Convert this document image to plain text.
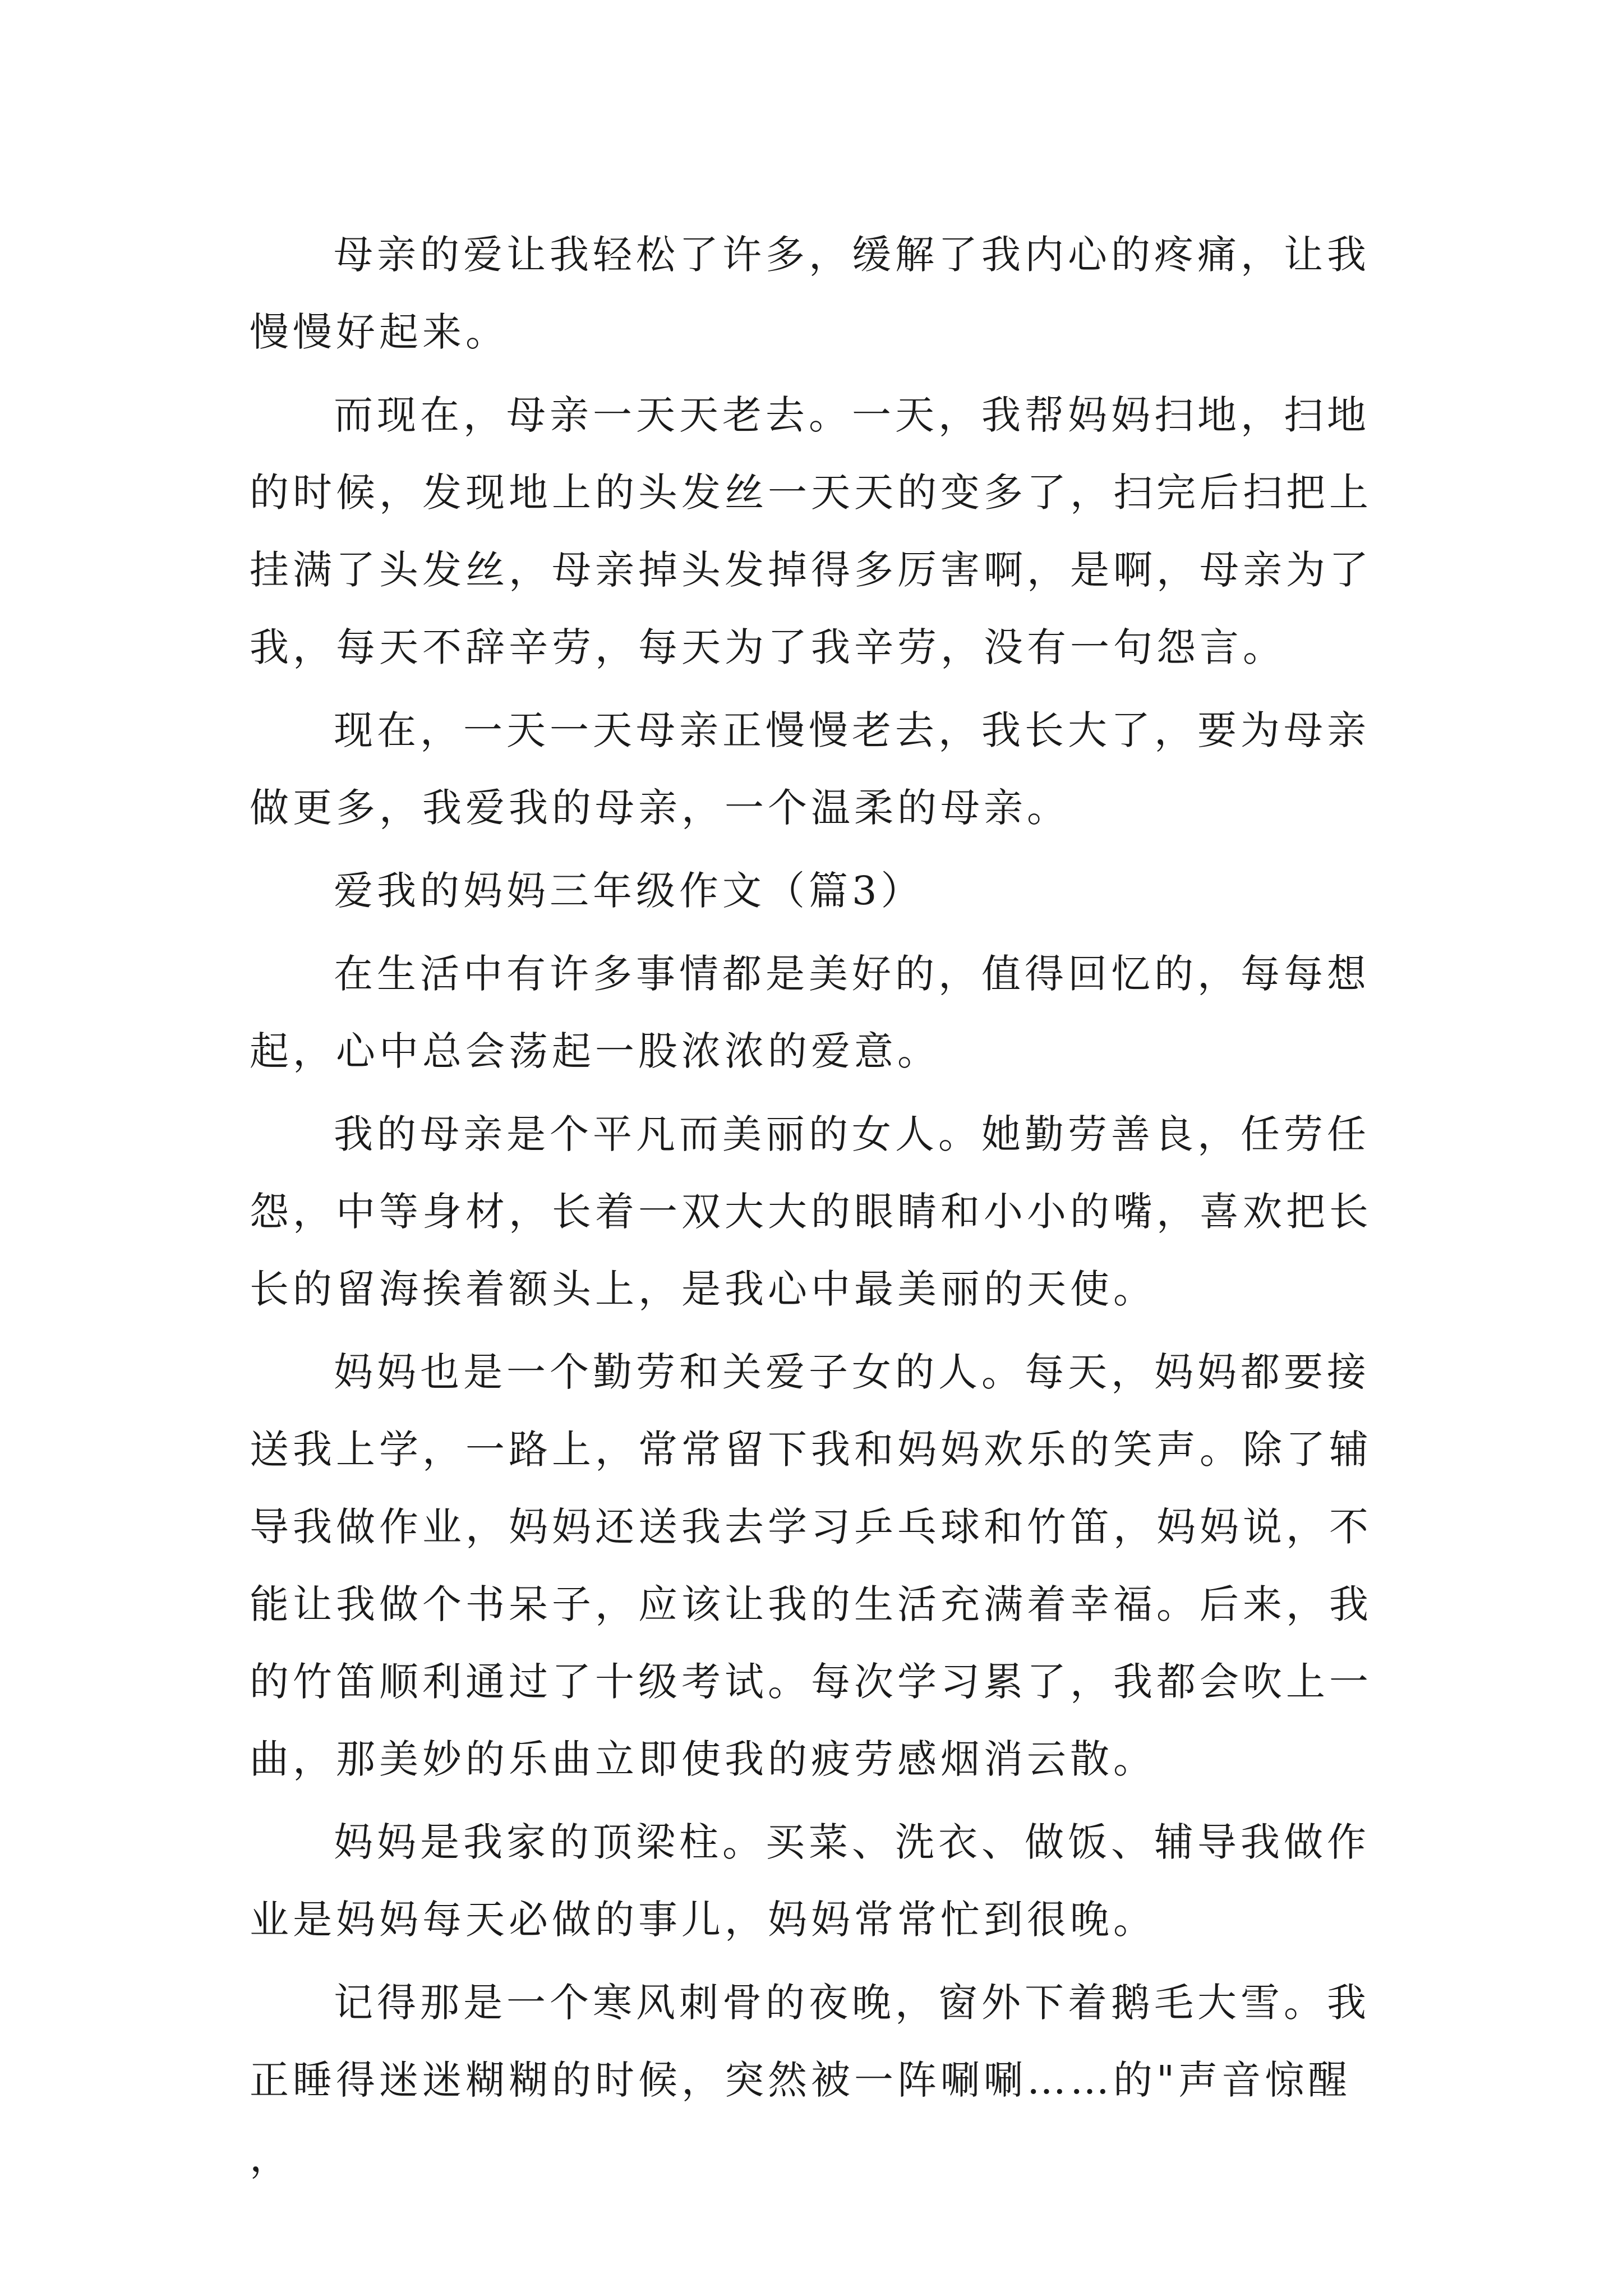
母亲的爱让我轻松了许多，缓解了我内心的疼痛，让我慢慢好起来。

而现在，母亲一天天老去。一天，我帮妈妈扫地，扫地的时候，发现地上的头发丝一天天的变多了，扫完后扫把上挂满了头发丝，母亲掉头发掉得多厉害啊，是啊，母亲为了我，每天不辞辛劳，每天为了我辛劳，没有一句怨言。

现在，一天一天母亲正慢慢老去，我长大了，要为母亲做更多，我爱我的母亲，一个温柔的母亲。

爱我的妈妈三年级作文（篇3）

在生活中有许多事情都是美好的，值得回忆的，每每想起，心中总会荡起一股浓浓的爱意。

我的母亲是个平凡而美丽的女人。她勤劳善良，任劳任怨，中等身材，长着一双大大的眼睛和小小的嘴，喜欢把长长的留海挨着额头上，是我心中最美丽的天使。

妈妈也是一个勤劳和关爱子女的人。每天，妈妈都要接送我上学，一路上，常常留下我和妈妈欢乐的笑声。除了辅导我做作业，妈妈还送我去学习乒乓球和竹笛，妈妈说，不能让我做个书呆子，应该让我的生活充满着幸福。后来，我的竹笛顺利通过了十级考试。每次学习累了，我都会吹上一曲，那美妙的乐曲立即使我的疲劳感烟消云散。

妈妈是我家的顶梁柱。买菜、洗衣、做饭、辅导我做作业是妈妈每天必做的事儿，妈妈常常忙到很晚。

记得那是一个寒风刺骨的夜晚，窗外下着鹅毛大雪。我正睡得迷迷糊糊的时候，突然被一阵唰唰……的"声音惊醒，
